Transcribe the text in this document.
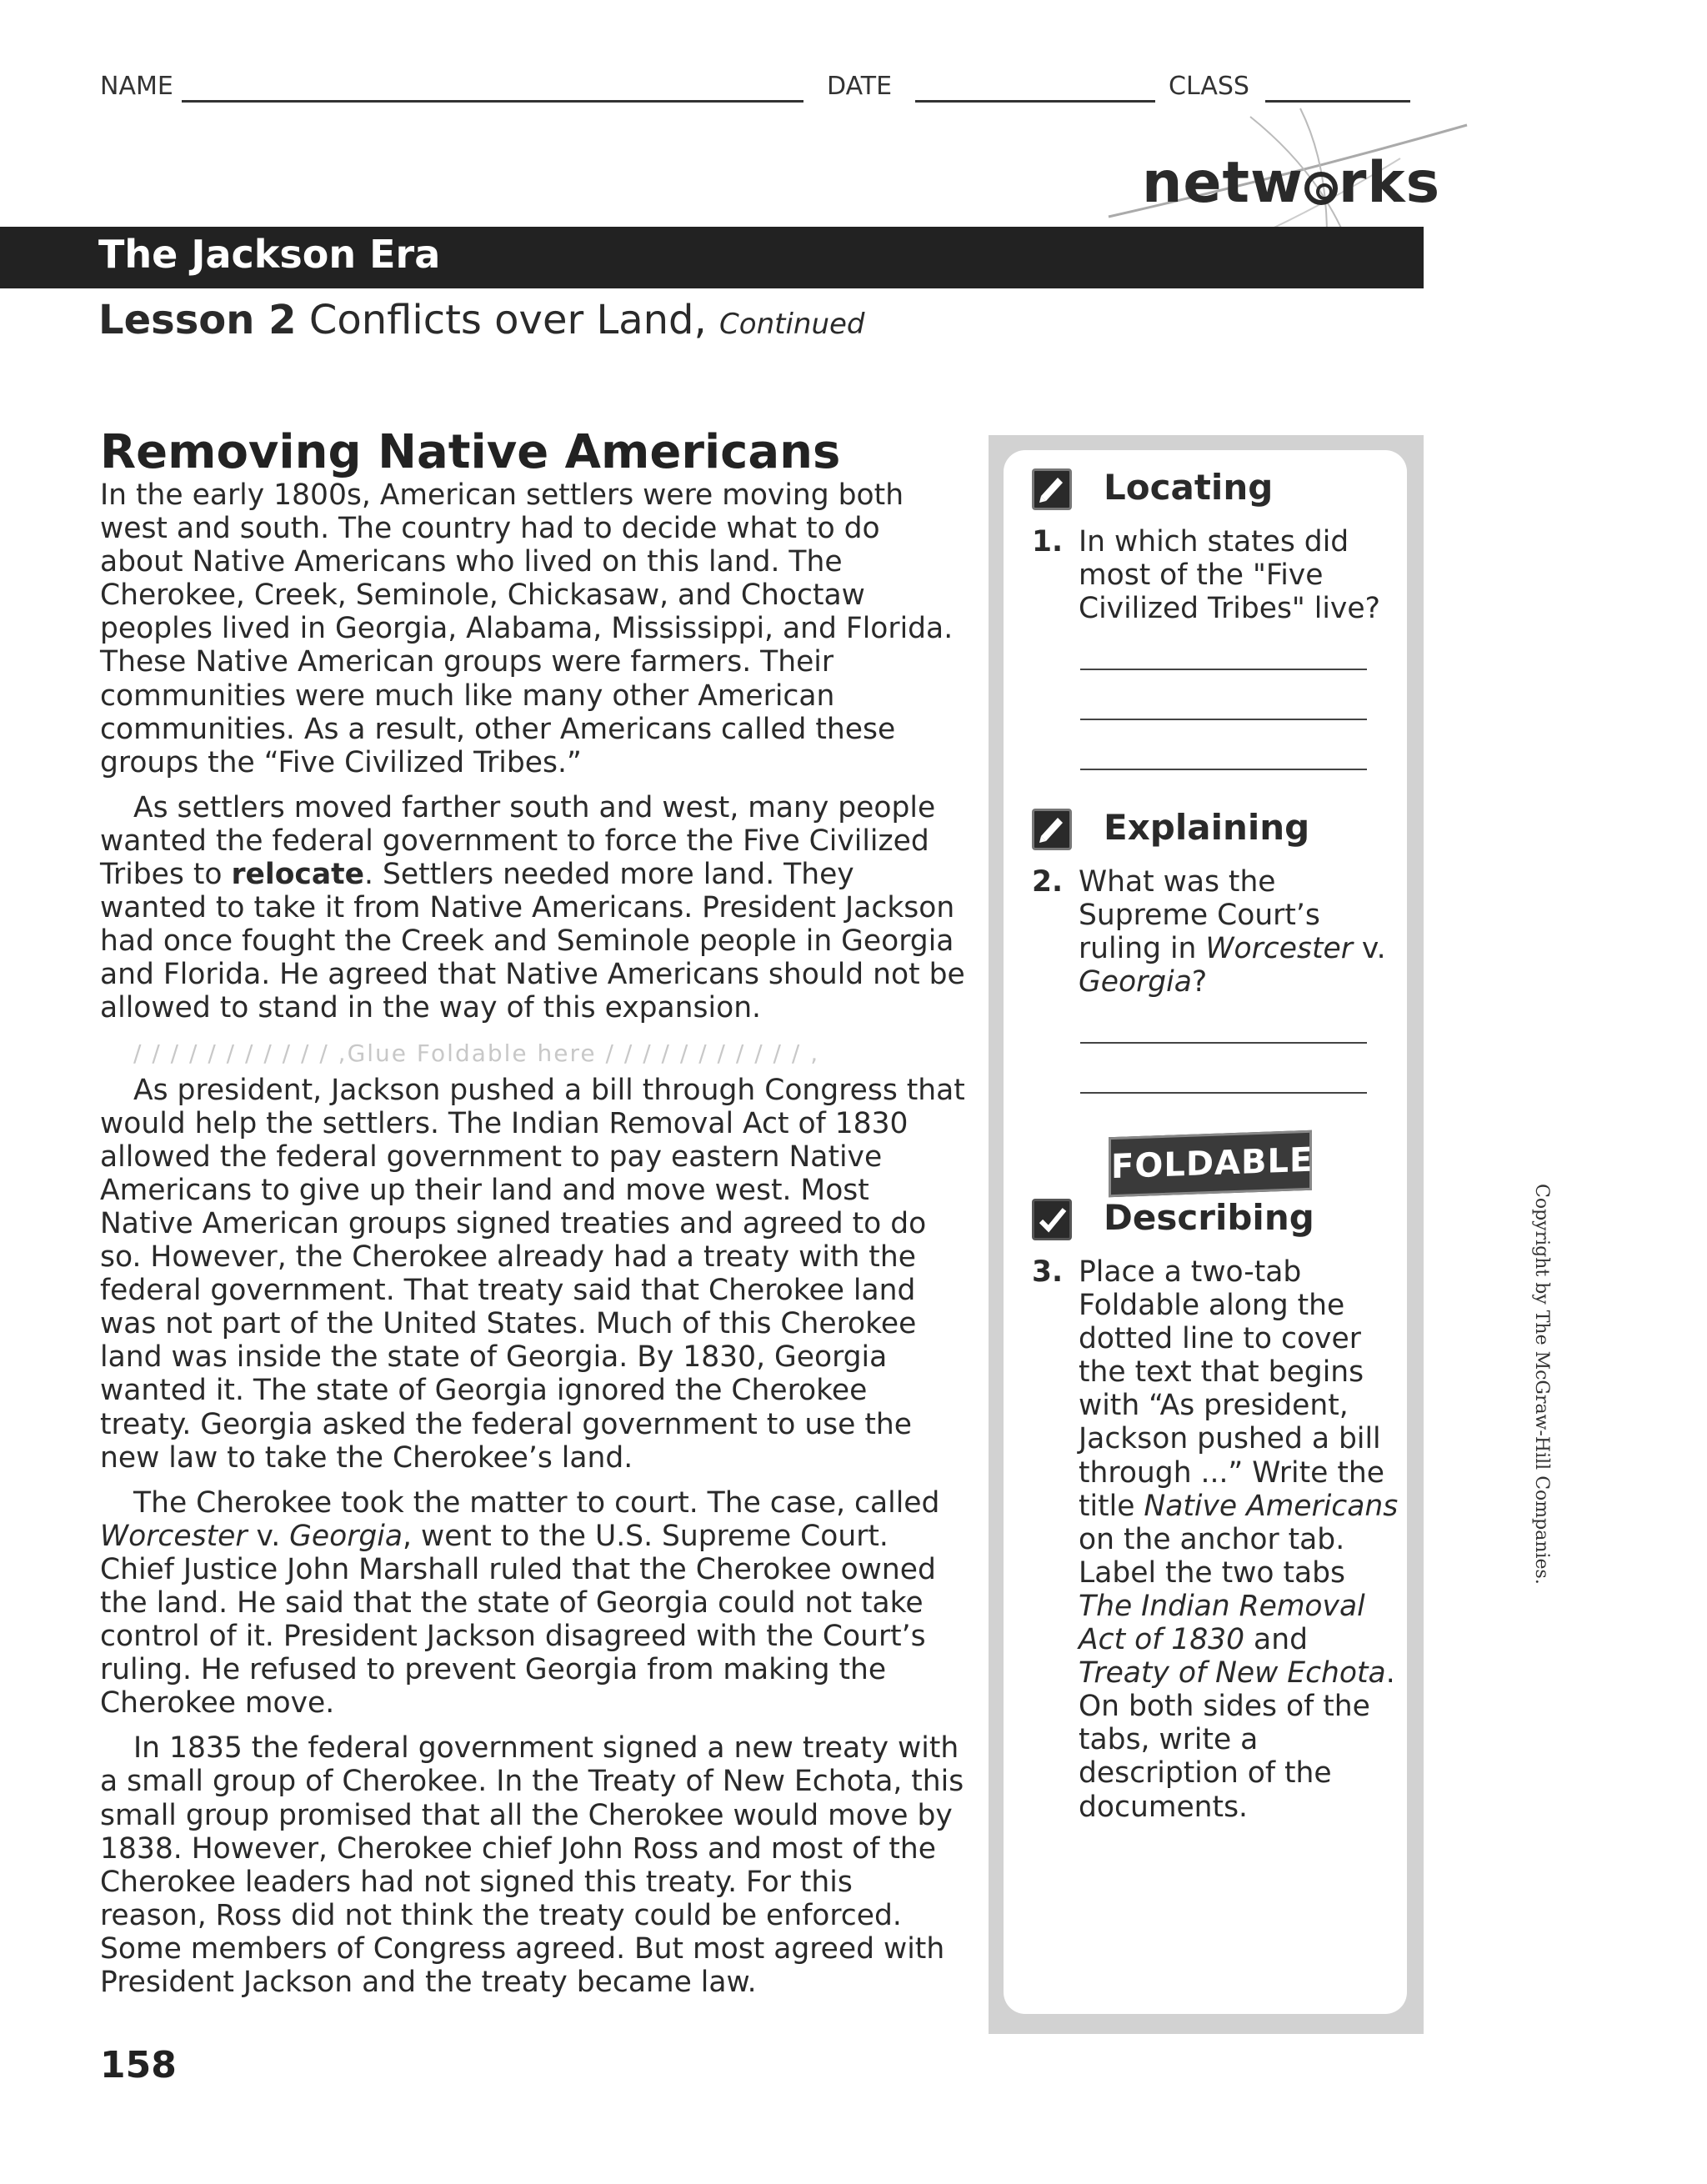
NAME	DATE	CLASS
netw rks
The Jackson Era
Lesson 2 Conflicts over Land, Continued
Removing Native Americans

In the early 1800s, American settlers were moving both west and south. The country had to decide what to do about Native Americans who lived on this land. The Cherokee, Creek, Seminole, Chickasaw, and Choctaw peoples lived in Georgia, Alabama, Mississippi, and Florida. These Native American groups were farmers. Their communities were much like many other American communities. As a result, other Americans called these groups the “Five Civilized Tribes.”

As settlers moved farther south and west, many people wanted the federal government to force the Five Civilized Tribes to relocate. Settlers needed more land. They wanted to take it from Native Americans. President Jackson had once fought the Creek and Seminole people in Georgia and Florida. He agreed that Native Americans should not be allowed to stand in the way of this expansion.

/ / / / / / / / / / / ,Glue Foldable here / / / / / / / / / / / ,

As president, Jackson pushed a bill through Congress that would help the settlers. The Indian Removal Act of 1830 allowed the federal government to pay eastern Native Americans to give up their land and move west. Most Native American groups signed treaties and agreed to do so. However, the Cherokee already had a treaty with the federal government. That treaty said that Cherokee land was not part of the United States. Much of this Cherokee land was inside the state of Georgia. By 1830, Georgia wanted it. The state of Georgia ignored the Cherokee treaty. Georgia asked the federal government to use the new law to take the Cherokee’s land.

The Cherokee took the matter to court. The case, called Worcester v. Georgia, went to the U.S. Supreme Court. Chief Justice John Marshall ruled that the Cherokee owned the land. He said that the state of Georgia could not take control of it. President Jackson disagreed with the Court’s ruling. He refused to prevent Georgia from making the Cherokee move.

In 1835 the federal government signed a new treaty with a small group of Cherokee. In the Treaty of New Echota, this small group promised that all the Cherokee would move by 1838. However, Cherokee chief John Ross and most of the Cherokee leaders had not signed this treaty. For this reason, Ross did not think the treaty could be enforced. Some members of Congress agreed. But most agreed with President Jackson and the treaty became law.

Locating
1. In which states did
most of the "Five Civilized Tribes" live?
Explaining
2. What was the
Supreme Court’s ruling in Worcester v. Georgia?
FOLDABLES®
Describing
3. Place a two-tab
Foldable along the dotted line to cover the text that begins with “As president, Jackson pushed a bill through ...” Write the title Native Americans on the anchor tab. Label the two tabs The Indian Removal Act of 1830 and Treaty of New Echota. On both sides of the tabs, write a description of the documents.
Copyright by The McGraw-Hill Companies.
158
